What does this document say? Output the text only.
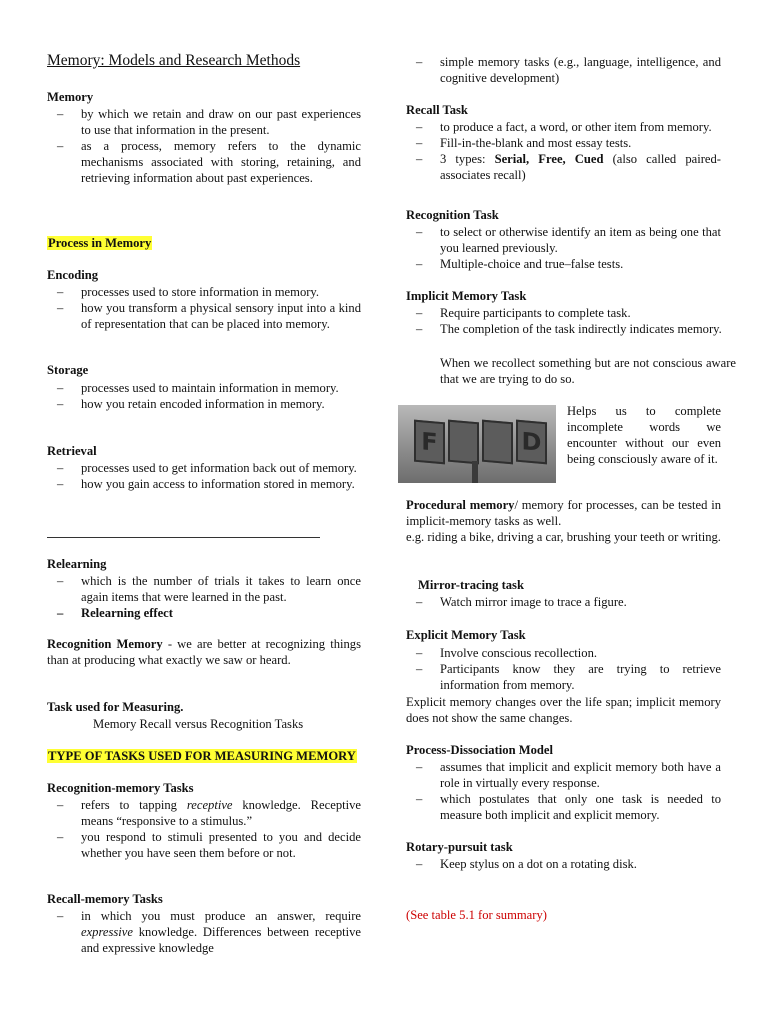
Memory: Models and Research Methods
Memory
– by which we retain and draw on our past experiences to use that information in the present.
– as a process, memory refers to the dynamic mechanisms associated with storing, retaining, and retrieving information about past experiences.
Process in Memory
Encoding
– processes used to store information in memory.
– how you transform a physical sensory input into a kind of representation that can be placed into memory.
Storage
– processes used to maintain information in memory.
– how you retain encoded information in memory.
Retrieval
– processes used to get information back out of memory.
– how you gain access to information stored in memory.
Relearning
– which is the number of trials it takes to learn once again items that were learned in the past.
– Relearning effect
Recognition Memory - we are better at recognizing things than at producing what exactly we saw or heard.
Task used for Measuring.
Memory Recall versus Recognition Tasks
TYPE OF TASKS USED FOR MEASURING MEMORY
Recognition-memory Tasks
– refers to tapping receptive knowledge. Receptive means “responsive to a stimulus.”
– you respond to stimuli presented to you and decide whether you have seen them before or not.
Recall-memory Tasks
– in which you must produce an answer, require expressive knowledge. Differences between receptive and expressive knowledge
– simple memory tasks (e.g., language, intelligence, and cognitive development)
Recall Task
– to produce a fact, a word, or other item from memory.
– Fill-in-the-blank and most essay tests.
– 3 types: Serial, Free, Cued (also called paired-associates recall)
Recognition Task
– to select or otherwise identify an item as being one that you learned previously.
– Multiple-choice and true–false tests.
Implicit Memory Task
– Require participants to complete task.
– The completion of the task indirectly indicates memory.
When we recollect something but are not conscious aware that we are trying to do so.
F	D
Helps us to complete incomplete words we encounter without our even being consciously aware of it.
Procedural memory/ memory for processes, can be tested in implicit-memory tasks as well.
e.g. riding a bike, driving a car, brushing your teeth or writing.
Mirror-tracing task
– Watch mirror image to trace a figure.
Explicit Memory Task
– Involve conscious recollection.
– Participants know they are trying to retrieve information from memory.
Explicit memory changes over the life span; implicit memory does not show the same changes.
Process-Dissociation Model
– assumes that implicit and explicit memory both have a role in virtually every response.
– which postulates that only one task is needed to measure both implicit and explicit memory.
Rotary-pursuit task
– Keep stylus on a dot on a rotating disk.
(See table 5.1 for summary)
